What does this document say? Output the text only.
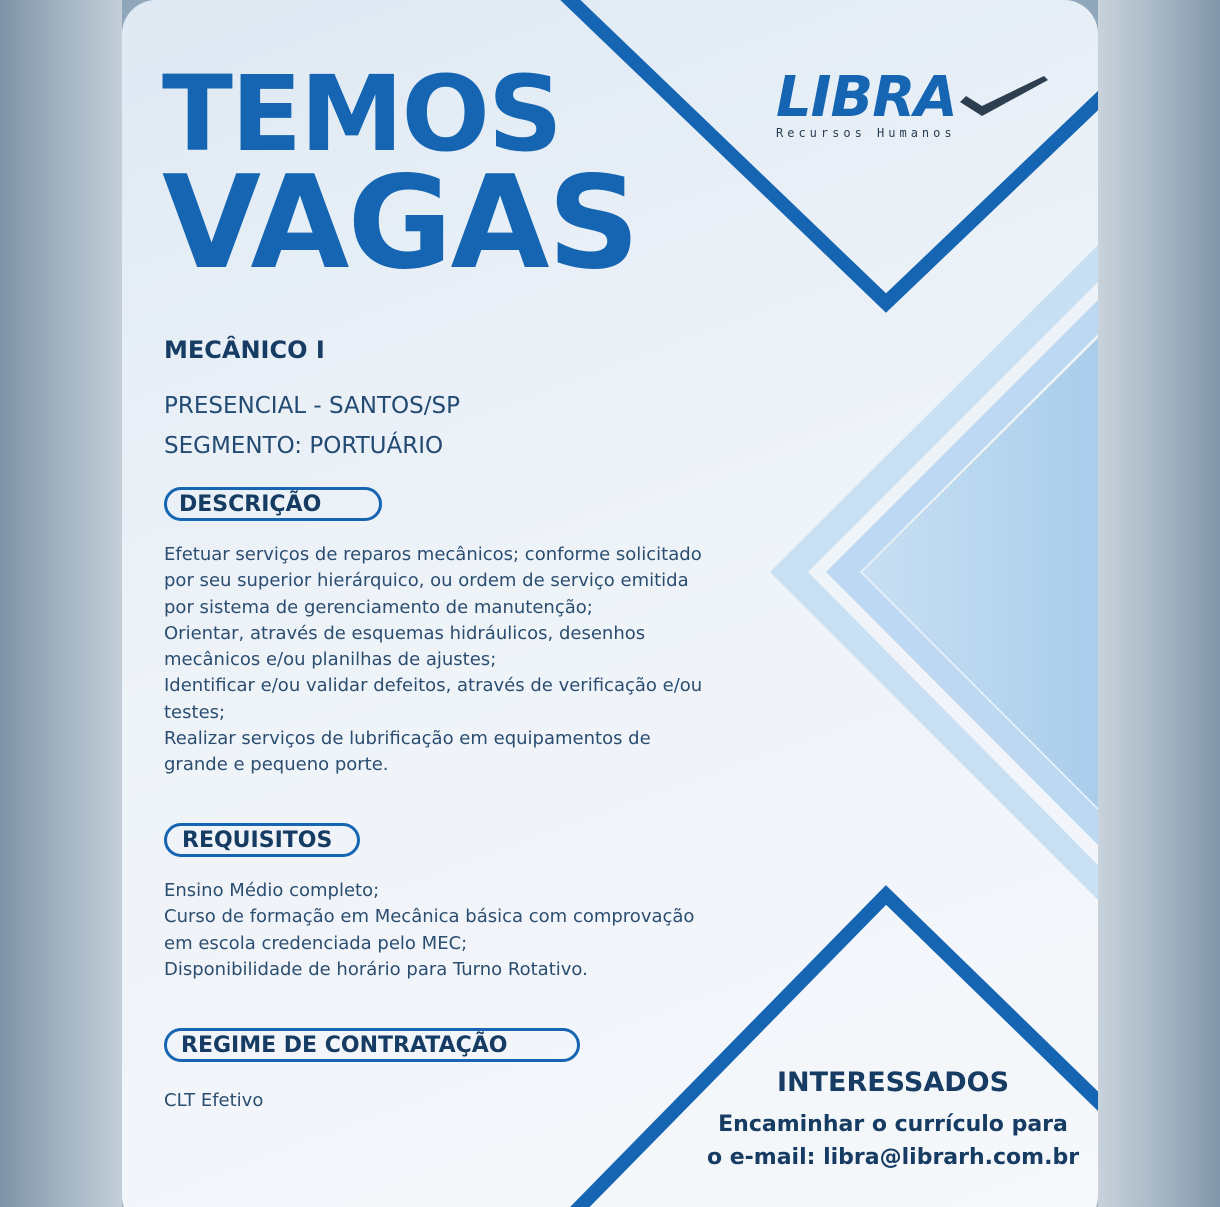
TEMOS
VAGAS
LIBRA
Recursos Humanos
MECÂNICO I
PRESENCIAL - SANTOS/SP
SEGMENTO: PORTUÁRIO
DESCRIÇÃO
Efetuar serviços de reparos mecânicos; conforme solicitado
por seu superior hierárquico, ou ordem de serviço emitida
por sistema de gerenciamento de manutenção;
Orientar, através de esquemas hidráulicos, desenhos
mecânicos e/ou planilhas de ajustes;
Identificar e/ou validar defeitos, através de verificação e/ou
testes;
Realizar serviços de lubrificação em equipamentos de
grande e pequeno porte.
REQUISITOS
Ensino Médio completo;
Curso de formação em Mecânica básica com comprovação
em escola credenciada pelo MEC;
Disponibilidade de horário para Turno Rotativo.
REGIME DE CONTRATAÇÃO
CLT Efetivo
INTERESSADOS
Encaminhar o currículo para
o e-mail: libra@librarh.com.br
